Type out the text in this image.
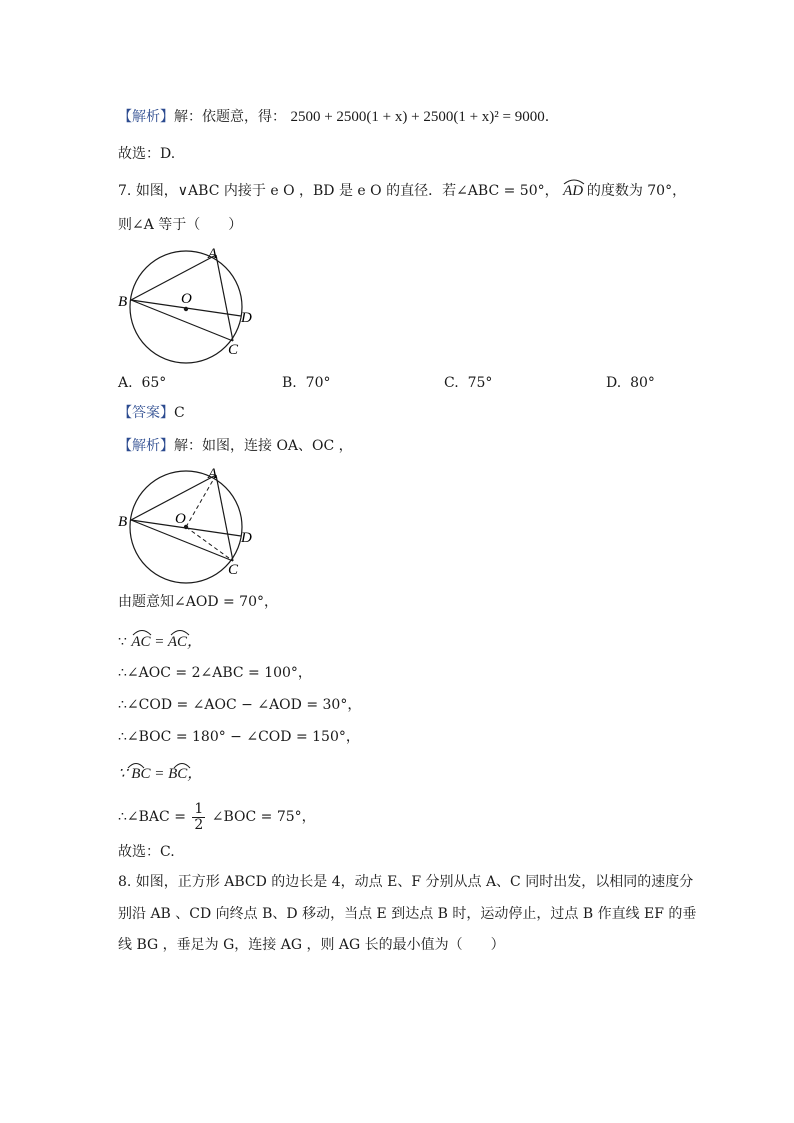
【解析】解：依题意，得： 2500 + 2500(1 + x) + 2500(1 + x)² = 9000.
故选：D.
7. 如图，∨ABC 内接于 e O ，BD 是 e O 的直径．若∠ABC = 50°， AD 的度数为 70°，
则∠A 等于（　　）
A
B	O
D
C
A. 65°	B. 70°	C. 75°	D. 80°
【答案】C
【解析】解：如图，连接 OA、OC ，
A
B	O
D
C
由题意知∠AOD = 70°，
∵ AC = AC，
∴∠AOC = 2∠ABC = 100°，
∴∠COD = ∠AOC − ∠AOD = 30°，
∴∠BOC = 180° − ∠COD = 150°，
∵ BC = BC，
∴∠BAC = $\frac{1}{2}$ ∠BOC = 75°，
故选：C.
8. 如图，正方形 ABCD 的边长是 4，动点 E、F 分别从点 A、C 同时出发，以相同的速度分
别沿 AB 、CD 向终点 B、D 移动，当点 E 到达点 B 时，运动停止，过点 B 作直线 EF 的垂
线 BG ，垂足为 G，连接 AG ，则 AG 长的最小值为（　　）
